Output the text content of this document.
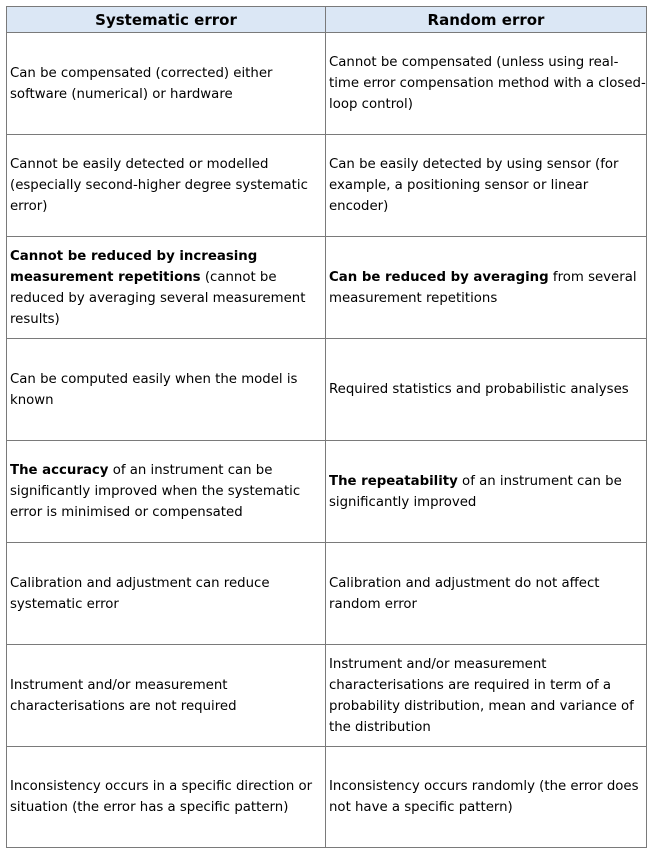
Systematic error	Random error
Can be compensated (corrected) either software (numerical) or hardware	Cannot be compensated (unless using real-time error compensation method with a closed-loop control)
Cannot be easily detected or modelled (especially second-higher degree systematic error)	Can be easily detected by using sensor (for example, a positioning sensor or linear encoder)
Cannot be reduced by increasing measurement repetitions (cannot be reduced by averaging several measurement results)	Can be reduced by averaging from several measurement repetitions
Can be computed easily when the model is known	Required statistics and probabilistic analyses
The accuracy of an instrument can be significantly improved when the systematic error is minimised or compensated	The repeatability of an instrument can be significantly improved
Calibration and adjustment can reduce systematic error	Calibration and adjustment do not affect random error
Instrument and/or measurement characterisations are not required	Instrument and/or measurement characterisations are required in term of a probability distribution, mean and variance of the distribution
Inconsistency occurs in a specific direction or situation (the error has a specific pattern)	Inconsistency occurs randomly (the error does not have a specific pattern)
